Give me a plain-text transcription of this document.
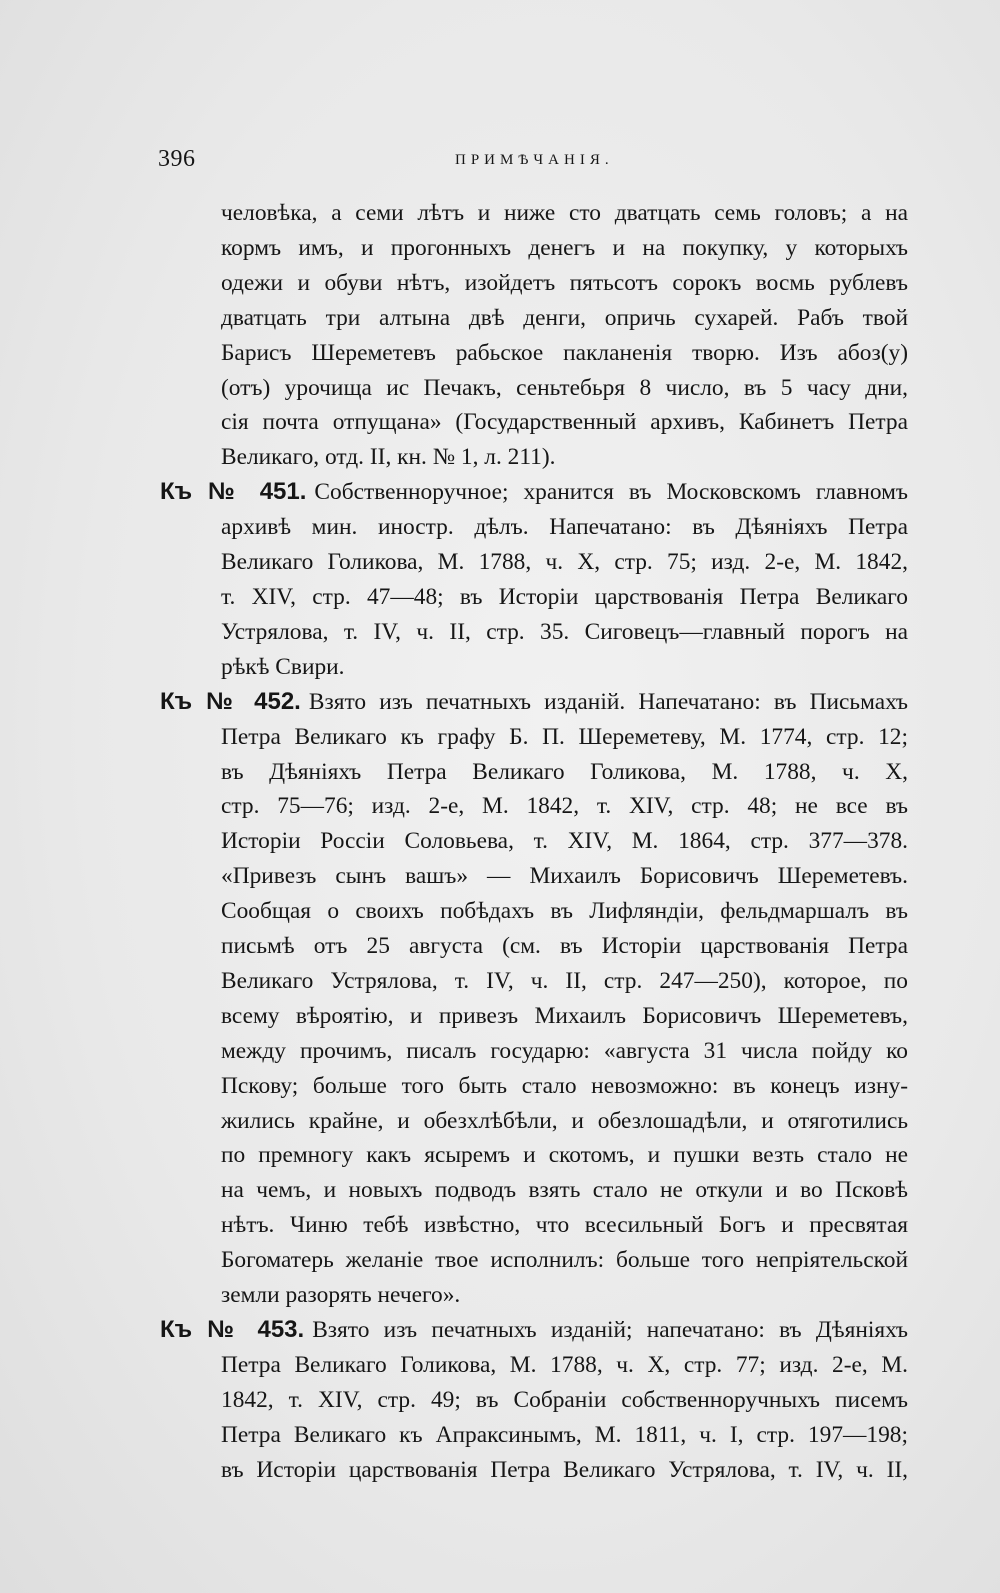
396	ПРИМѢЧАНІЯ.

человѣка, а семи лѣтъ и ниже сто дватцать семь головъ; а на
кормъ имъ, и прогонныхъ денегъ и на покупку, у которыхъ
одежи и обуви нѣтъ, изойдетъ пятьсотъ сорокъ восмь рублевъ
дватцать три алтына двѣ денги, опричь сухарей. Рабъ твой
Барисъ Шереметевъ рабьское пакланенія творю. Изъ абоз(у)
(отъ) урочища ис Печакъ, сеньтебьря 8 число, въ 5 часу дни,
сія почта отпущана» (Государственный архивъ, Кабинетъ Петра
Великаго, отд. II, кн. № 1, л. 211).

Къ № 451. Собственноручное; хранится въ Московскомъ главномъ
архивѣ мин. иностр. дѣлъ. Напечатано: въ Дѣяніяхъ Петра
Великаго Голикова, М. 1788, ч. X, стр. 75; изд. 2-е, М. 1842,
т. XIV, стр. 47—48; въ Исторіи царствованія Петра Великаго
Устрялова, т. IV, ч. II, стр. 35. Сиговецъ—главный порогъ на
рѣкѣ Свири.

Къ № 452. Взято изъ печатныхъ изданій. Напечатано: въ Письмахъ
Петра Великаго къ графу Б. П. Шереметеву, М. 1774, стр. 12;
въ Дѣяніяхъ Петра Великаго Голикова, М. 1788, ч. X,
стр. 75—76; изд. 2-е, М. 1842, т. XIV, стр. 48; не все въ
Исторіи Россіи Соловьева, т. XIV, М. 1864, стр. 377—378.
«Привезъ сынъ вашъ» — Михаилъ Борисовичъ Шереметевъ.
Сообщая о своихъ побѣдахъ въ Лифляндіи, фельдмаршалъ въ
письмѣ отъ 25 августа (см. въ Исторіи царствованія Петра
Великаго Устрялова, т. IV, ч. II, стр. 247—250), которое, по
всему вѣроятію, и привезъ Михаилъ Борисовичъ Шереметевъ,
между прочимъ, писалъ государю: «августа 31 числа пойду ко
Пскову; больше того быть стало невозможно: въ конецъ изну-
жились крайне, и обезхлѣбѣли, и обезлошадѣли, и отяготились
по премногу какъ ясыремъ и скотомъ, и пушки везть стало не
на чемъ, и новыхъ подводъ взять стало не откули и во Псковѣ
нѣтъ. Чиню тебѣ извѣстно, что всесильный Богъ и пресвятая
Богоматерь желаніе твое исполнилъ: больше того непріятельской
земли разорять нечего».

Къ № 453. Взято изъ печатныхъ изданій; напечатано: въ Дѣяніяхъ
Петра Великаго Голикова, М. 1788, ч. X, стр. 77; изд. 2-е, М.
1842, т. XIV, стр. 49; въ Собраніи собственноручныхъ писемъ
Петра Великаго къ Апраксинымъ, М. 1811, ч. I, стр. 197—198;
въ Исторіи царствованія Петра Великаго Устрялова, т. IV, ч. II,
